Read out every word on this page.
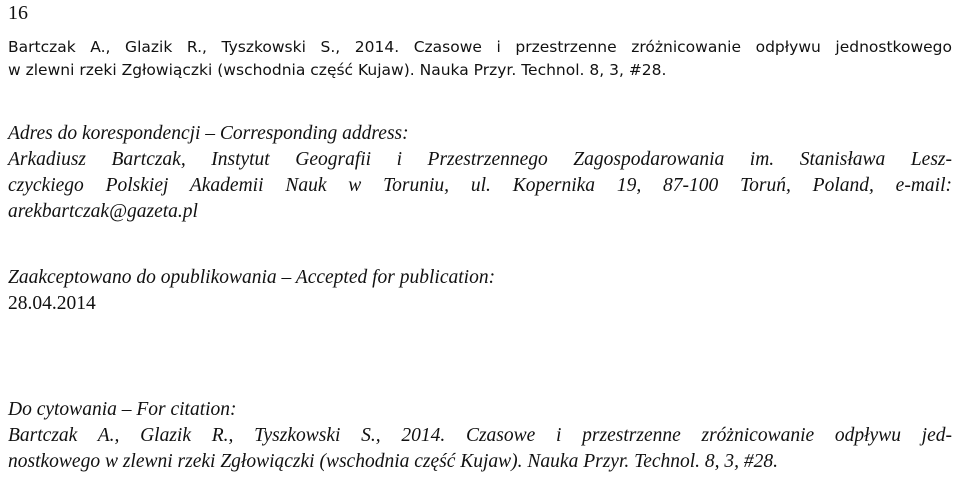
16
Bartczak A., Glazik R., Tyszkowski S., 2014. Czasowe i przestrzenne zróżnicowanie odpływu jednostkowego
w zlewni rzeki Zgłowiączki (wschodnia część Kujaw). Nauka Przyr. Technol. 8, 3, #28.
Adres do korespondencji – Corresponding address:
Arkadiusz Bartczak, Instytut Geografii i Przestrzennego Zagospodarowania im. Stanisława Lesz-
czyckiego Polskiej Akademii Nauk w Toruniu, ul. Kopernika 19, 87-100 Toruń, Poland, e-mail:
arekbartczak@gazeta.pl
Zaakceptowano do opublikowania – Accepted for publication:
28.04.2014
Do cytowania – For citation:
Bartczak A., Glazik R., Tyszkowski S., 2014. Czasowe i przestrzenne zróżnicowanie odpływu jed-
nostkowego w zlewni rzeki Zgłowiączki (wschodnia część Kujaw). Nauka Przyr. Technol. 8, 3, #28.
